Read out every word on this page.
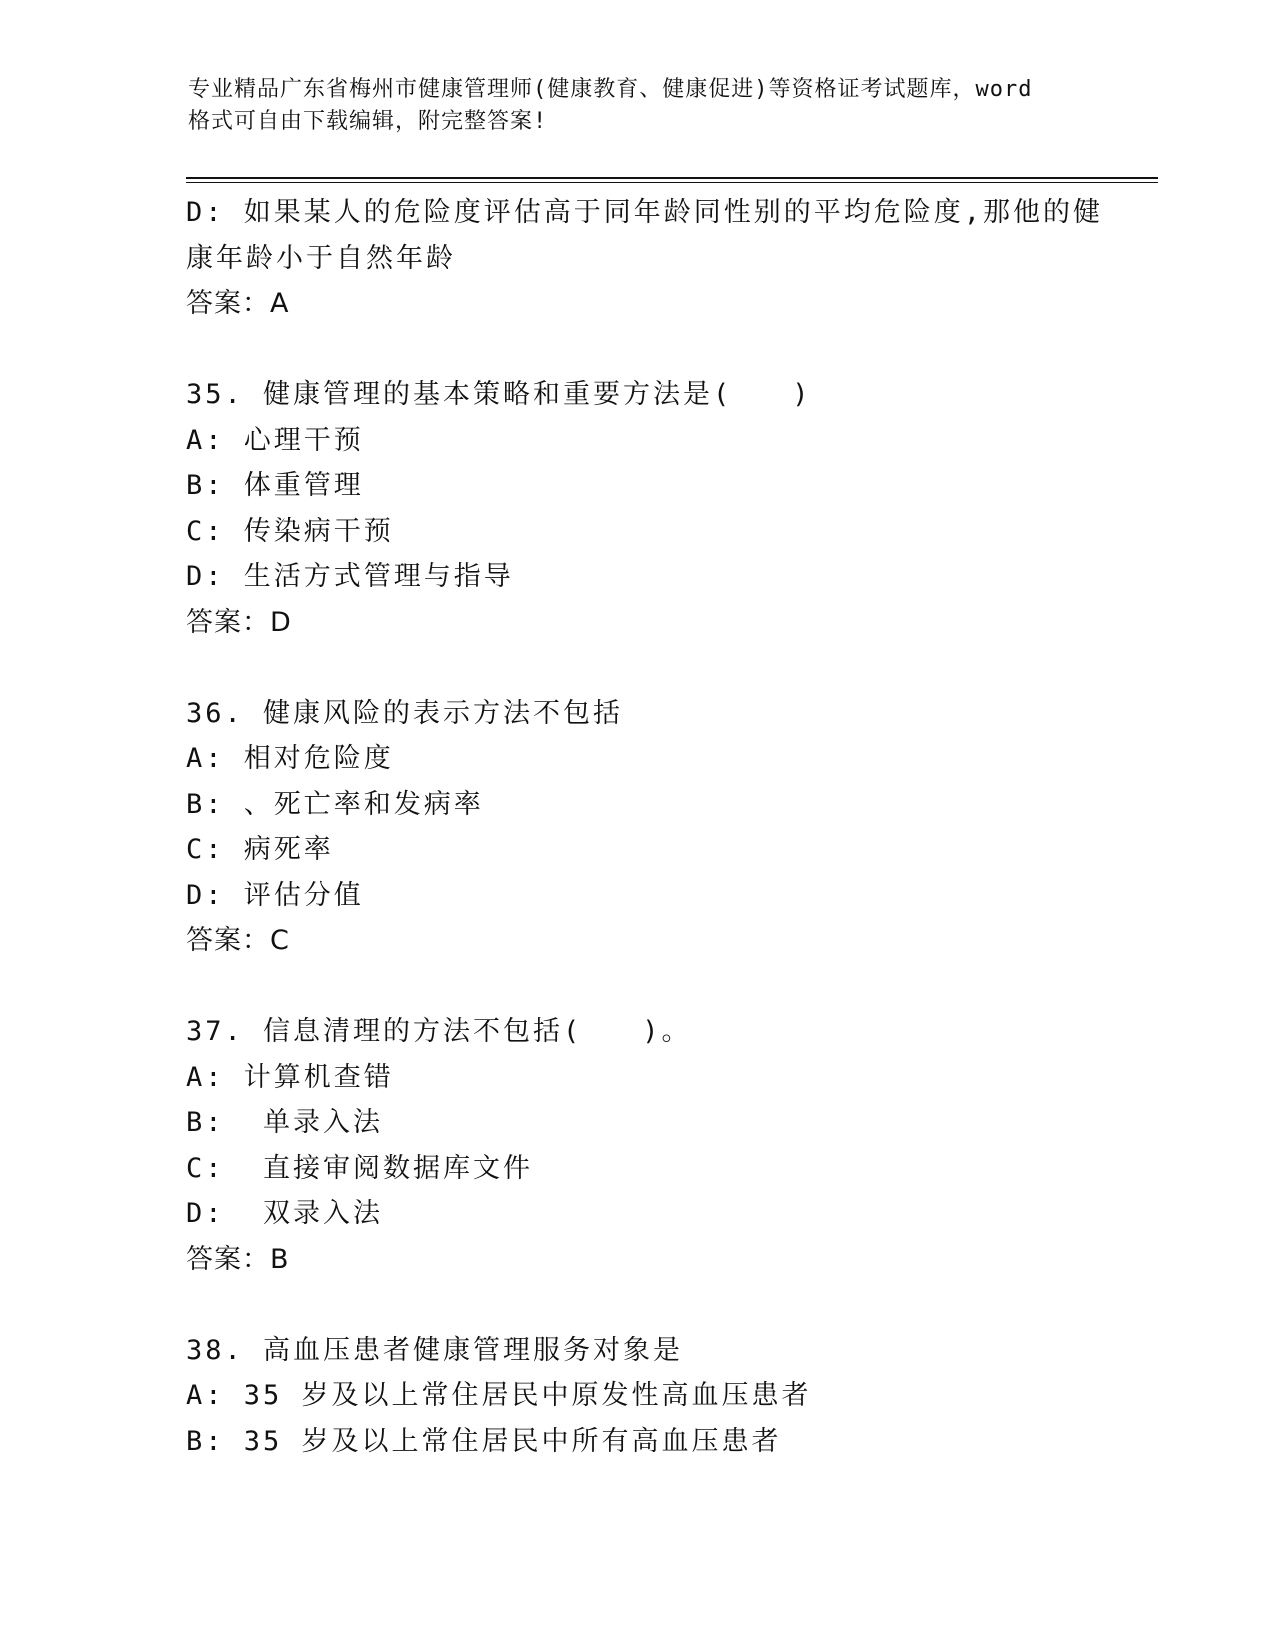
专业精品广东省梅州市健康管理师(健康教育、健康促进)等资格证考试题库，word
格式可自由下载编辑，附完整答案!
D: 如果某人的危险度评估高于同年龄同性别的平均危险度,那他的健
康年龄小于自然年龄
答案：A
35. 健康管理的基本策略和重要方法是(　　)
A: 心理干预
B: 体重管理
C: 传染病干预
D: 生活方式管理与指导
答案：D
36. 健康风险的表示方法不包括
A: 相对危险度
B: 、死亡率和发病率
C: 病死率
D: 评估分值
答案：C
37. 信息清理的方法不包括(　　)。
A: 计算机查错
B:  单录入法
C:  直接审阅数据库文件
D:  双录入法
答案：B
38. 高血压患者健康管理服务对象是
A: 35 岁及以上常住居民中原发性高血压患者
B: 35 岁及以上常住居民中所有高血压患者
